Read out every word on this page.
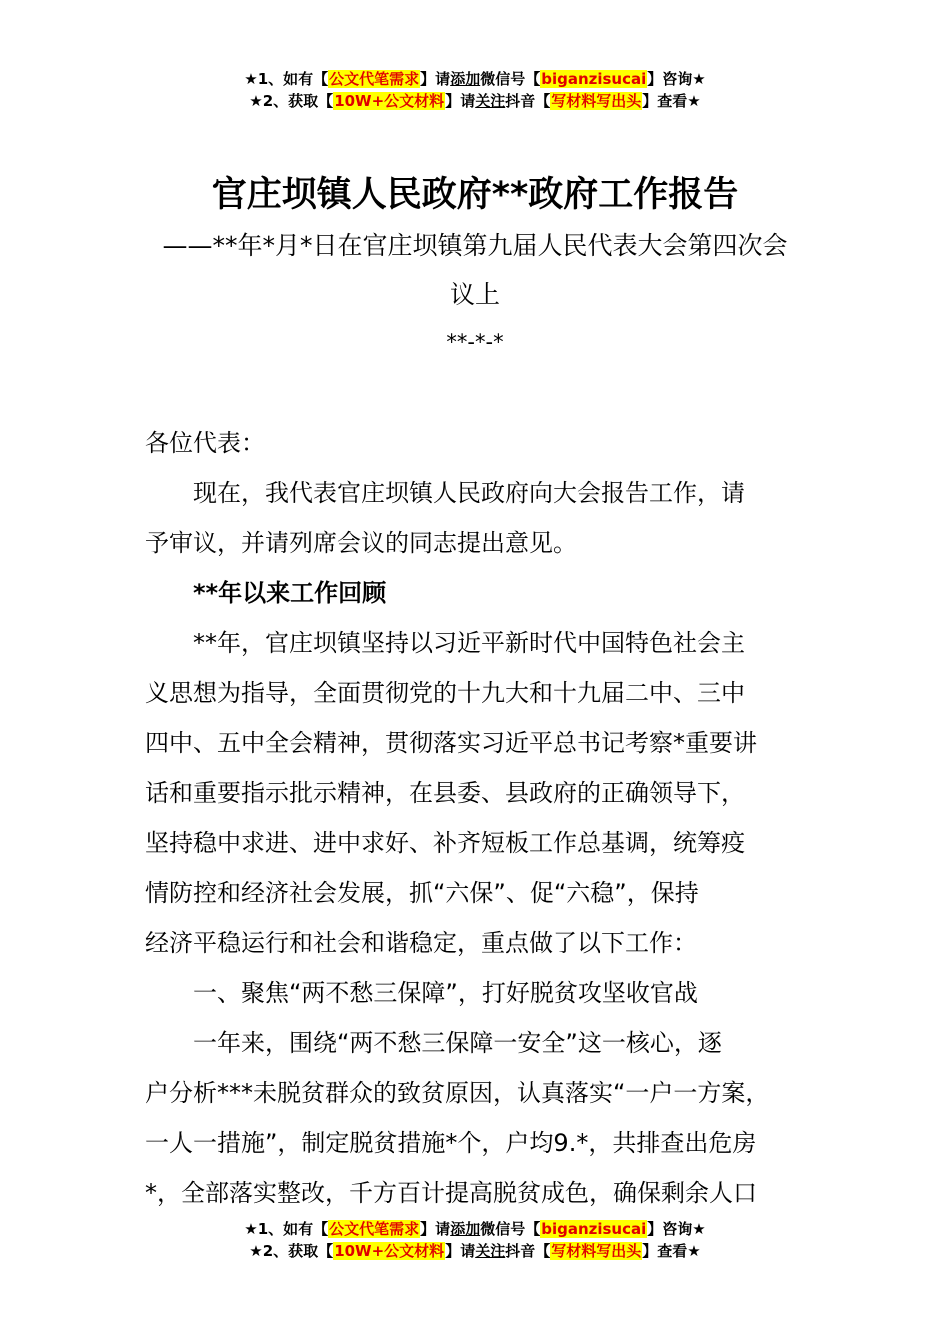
★1、如有【公文代笔需求】请添加微信号【biganzisucai】咨询★
★2、获取【10W+公文材料】请关注抖音【写材料写出头】查看★
官庄坝镇人民政府**政府工作报告
——**年*月*日在官庄坝镇第九届人民代表大会第四次会
议上
**-*-*
各位代表：
　　现在，我代表官庄坝镇人民政府向大会报告工作，请
予审议，并请列席会议的同志提出意见。
　　**年以来工作回顾
　　**年，官庄坝镇坚持以习近平新时代中国特色社会主
义思想为指导，全面贯彻党的十九大和十九届二中、三中
四中、五中全会精神，贯彻落实习近平总书记考察*重要讲
话和重要指示批示精神，在县委、县政府的正确领导下，
坚持稳中求进、进中求好、补齐短板工作总基调，统筹疫
情防控和经济社会发展，抓“六保”、促“六稳”，保持
经济平稳运行和社会和谐稳定，重点做了以下工作：
　　一、聚焦“两不愁三保障”，打好脱贫攻坚收官战
　　一年来，围绕“两不愁三保障一安全”这一核心，逐
户分析***未脱贫群众的致贫原因，认真落实“一户一方案，
一人一措施”，制定脱贫措施*个，户均9.*，共排查出危房
*，全部落实整改，千方百计提高脱贫成色，确保剩余人口
★1、如有【公文代笔需求】请添加微信号【biganzisucai】咨询★
★2、获取【10W+公文材料】请关注抖音【写材料写出头】查看★
